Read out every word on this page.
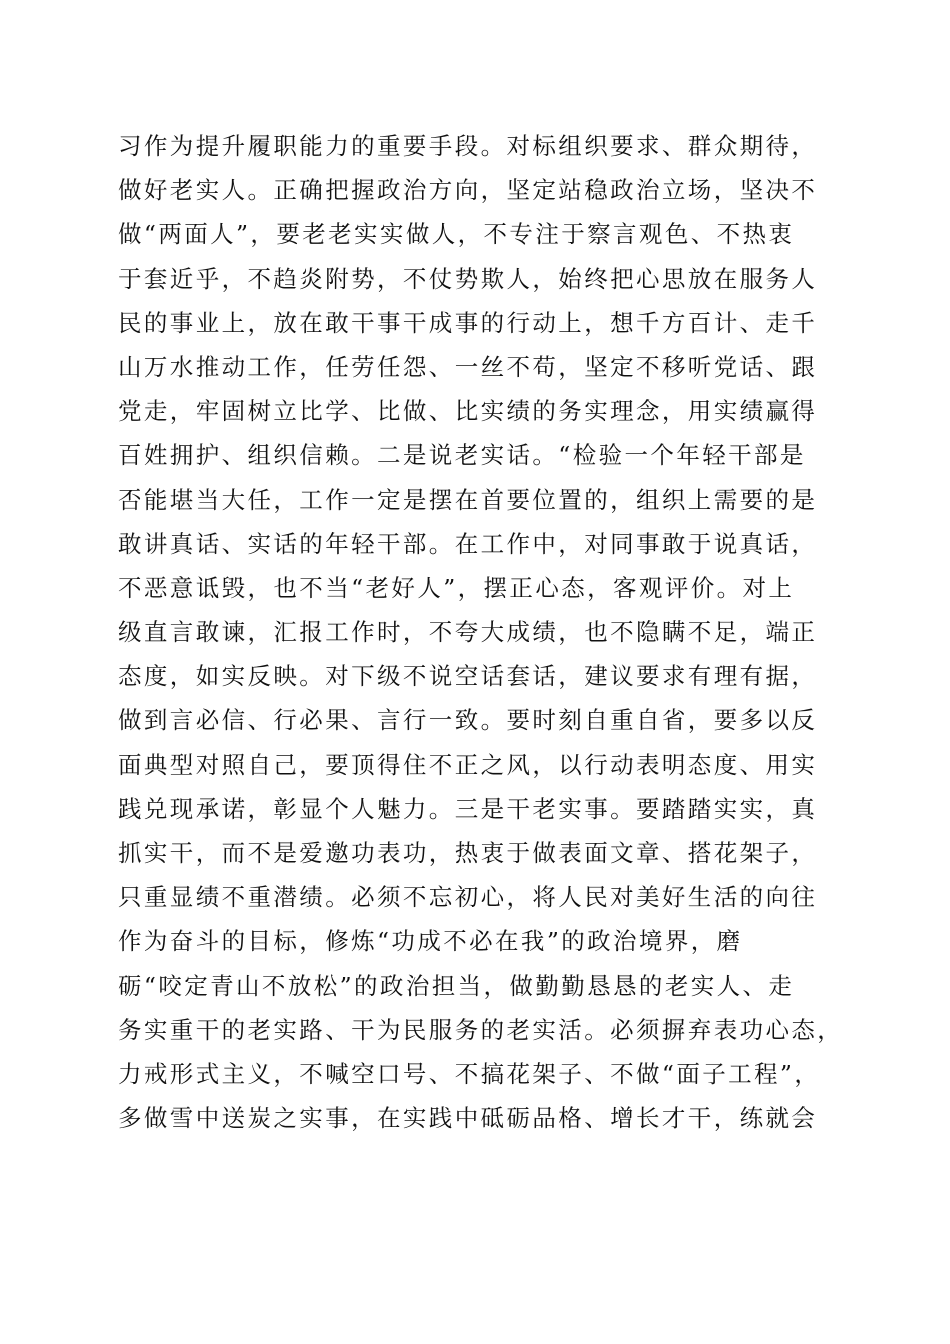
习作为提升履职能力的重要手段。对标组织要求、群众期待，
做好老实人。正确把握政治方向，坚定站稳政治立场，坚决不
做“两面人”，要老老实实做人，不专注于察言观色、不热衷
于套近乎，不趋炎附势，不仗势欺人，始终把心思放在服务人
民的事业上，放在敢干事干成事的行动上，想千方百计、走千
山万水推动工作，任劳任怨、一丝不苟，坚定不移听党话、跟
党走，牢固树立比学、比做、比实绩的务实理念，用实绩赢得
百姓拥护、组织信赖。二是说老实话。“检验一个年轻干部是
否能堪当大任，工作一定是摆在首要位置的，组织上需要的是
敢讲真话、实话的年轻干部。在工作中，对同事敢于说真话，
不恶意诋毁，也不当“老好人”，摆正心态，客观评价。对上
级直言敢谏，汇报工作时，不夸大成绩，也不隐瞒不足，端正
态度，如实反映。对下级不说空话套话，建议要求有理有据，
做到言必信、行必果、言行一致。要时刻自重自省，要多以反
面典型对照自己，要顶得住不正之风，以行动表明态度、用实
践兑现承诺，彰显个人魅力。三是干老实事。要踏踏实实，真
抓实干，而不是爱邀功表功，热衷于做表面文章、搭花架子，
只重显绩不重潜绩。必须不忘初心，将人民对美好生活的向往
作为奋斗的目标，修炼“功成不必在我”的政治境界，磨
砺“咬定青山不放松”的政治担当，做勤勤恳恳的老实人、走
务实重干的老实路、干为民服务的老实活。必须摒弃表功心态，
力戒形式主义，不喊空口号、不搞花架子、不做“面子工程”，
多做雪中送炭之实事，在实践中砥砺品格、增长才干，练就会
